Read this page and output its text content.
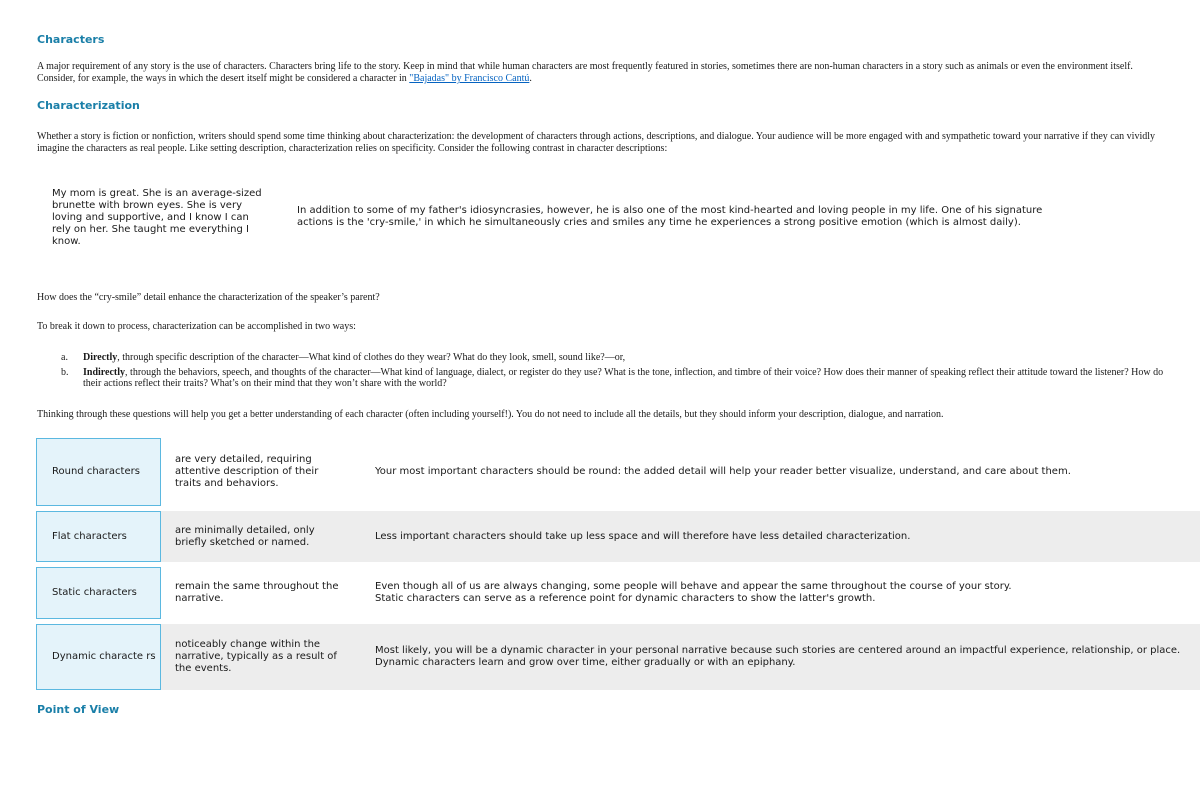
Characters

A major requirement of any story is the use of characters. Characters bring life to the story. Keep in mind that while human characters are most frequently featured in stories, sometimes there are non-human characters in a story such as animals or even the environment itself. Consider, for example, the ways in which the desert itself might be considered a character in "Bajadas" by Francisco Cantú.

Characterization

Whether a story is fiction or nonfiction, writers should spend some time thinking about characterization: the development of characters through actions, descriptions, and dialogue. Your audience will be more engaged with and sympathetic toward your narrative if they can vividly imagine the characters as real people. Like setting description, characterization relies on specificity. Consider the following contrast in character descriptions:

My mom is great. She is an average-sized brunette with brown eyes. She is very loving and supportive, and I know I can rely on her. She taught me everything I know.
In addition to some of my father's idiosyncrasies, however, he is also one of the most kind-hearted and loving people in my life. One of his signature
actions is the 'cry-smile,' in which he simultaneously cries and smiles any time he experiences a strong positive emotion (which is almost daily).

How does the “cry-smile” detail enhance the characterization of the speaker’s parent?

To break it down to process, characterization can be accomplished in two ways:

a. Directly, through specific description of the character—What kind of clothes do they wear? What do they look, smell, sound like?—or,
b. Indirectly, through the behaviors, speech, and thoughts of the character—What kind of language, dialect, or register do they use? What is the tone, inflection, and timbre of their voice? How does their manner of speaking reflect their attitude toward the listener? How do their actions reflect their traits? What’s on their mind that they won’t share with the world?

Thinking through these questions will help you get a better understanding of each character (often including yourself!). You do not need to include all the details, but they should inform your description, dialogue, and narration.

Round characters
are very detailed, requiring attentive description of their traits and behaviors.
Your most important characters should be round: the added detail will help your reader better visualize, understand, and care about them.
Flat characters
are minimally detailed, only briefly sketched or named.
Less important characters should take up less space and will therefore have less detailed characterization.
Static characters
remain the same throughout the narrative.
Even though all of us are always changing, some people will behave and appear the same throughout the course of your story.
Static characters can serve as a reference point for dynamic characters to show the latter's growth.
Dynamic characte rs
noticeably change within the narrative, typically as a result of the events.
Most likely, you will be a dynamic character in your personal narrative because such stories are centered around an impactful experience, relationship, or place. Dynamic characters learn and grow over time, either gradually or with an epiphany.
Point of View
